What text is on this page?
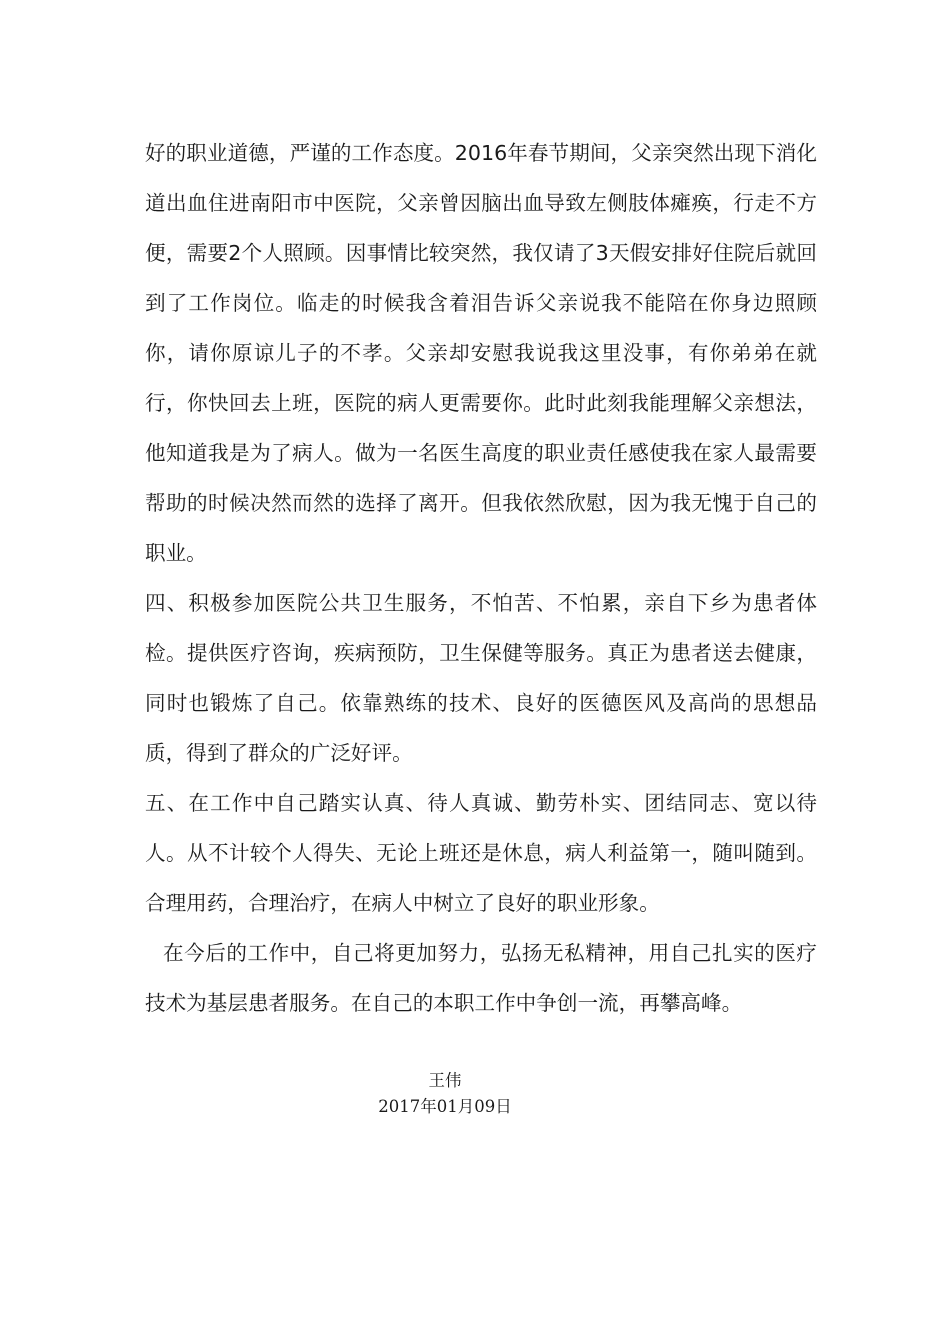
好的职业道德，严谨的工作态度。2016年春节期间，父亲突然出现下消化道出血住进南阳市中医院，父亲曾因脑出血导致左侧肢体瘫痪，行走不方便，需要2个人照顾。因事情比较突然，我仅请了3天假安排好住院后就回到了工作岗位。临走的时候我含着泪告诉父亲说我不能陪在你身边照顾你，请你原谅儿子的不孝。父亲却安慰我说我这里没事，有你弟弟在就行，你快回去上班，医院的病人更需要你。此时此刻我能理解父亲想法，他知道我是为了病人。做为一名医生高度的职业责任感使我在家人最需要帮助的时候决然而然的选择了离开。但我依然欣慰，因为我无愧于自己的职业。

四、积极参加医院公共卫生服务，不怕苦、不怕累，亲自下乡为患者体检。提供医疗咨询，疾病预防，卫生保健等服务。真正为患者送去健康，同时也锻炼了自己。依靠熟练的技术、良好的医德医风及高尚的思想品质，得到了群众的广泛好评。

五、在工作中自己踏实认真、待人真诚、勤劳朴实、团结同志、宽以待人。从不计较个人得失、无论上班还是休息，病人利益第一，随叫随到。合理用药，合理治疗，在病人中树立了良好的职业形象。

在今后的工作中，自己将更加努力，弘扬无私精神，用自己扎实的医疗技术为基层患者服务。在自己的本职工作中争创一流，再攀高峰。

王伟
2017年01月09日
